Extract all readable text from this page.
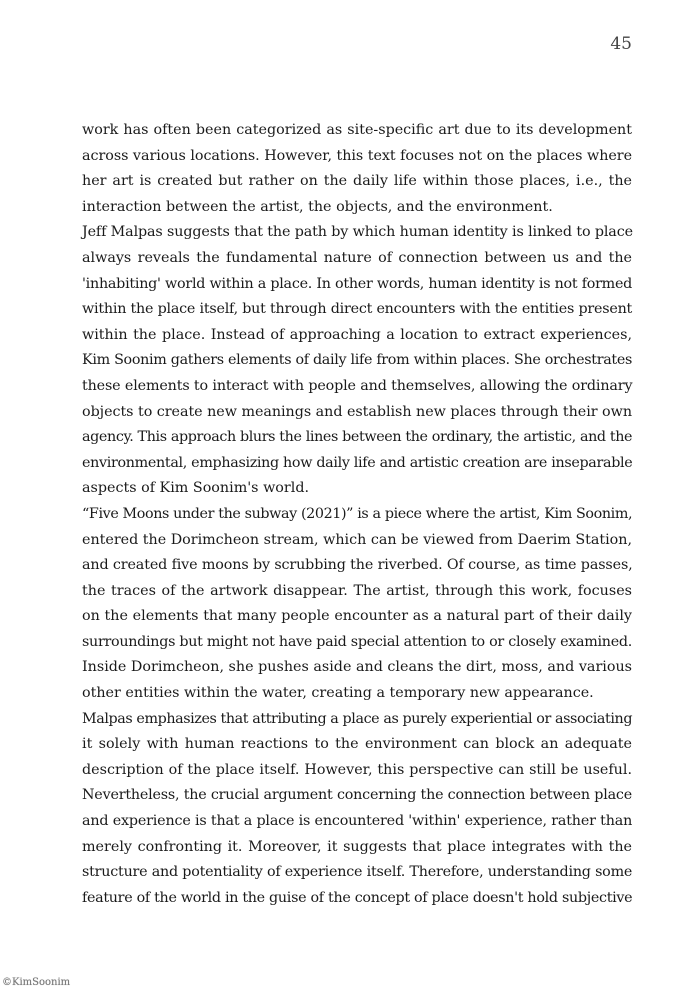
45
work has often been categorized as site-specific art due to its development
across various locations. However, this text focuses not on the places where
her art is created but rather on the daily life within those places, i.e., the
interaction between the artist, the objects, and the environment.
Jeff Malpas suggests that the path by which human identity is linked to place
always reveals the fundamental nature of connection between us and the
'inhabiting' world within a place. In other words, human identity is not formed
within the place itself, but through direct encounters with the entities present
within the place. Instead of approaching a location to extract experiences,
Kim Soonim gathers elements of daily life from within places. She orchestrates
these elements to interact with people and themselves, allowing the ordinary
objects to create new meanings and establish new places through their own
agency. This approach blurs the lines between the ordinary, the artistic, and the
environmental, emphasizing how daily life and artistic creation are inseparable
aspects of Kim Soonim's world.
“Five Moons under the subway (2021)” is a piece where the artist, Kim Soonim,
entered the Dorimcheon stream, which can be viewed from Daerim Station,
and created five moons by scrubbing the riverbed. Of course, as time passes,
the traces of the artwork disappear. The artist, through this work, focuses
on the elements that many people encounter as a natural part of their daily
surroundings but might not have paid special attention to or closely examined.
Inside Dorimcheon, she pushes aside and cleans the dirt, moss, and various
other entities within the water, creating a temporary new appearance.
Malpas emphasizes that attributing a place as purely experiential or associating
it solely with human reactions to the environment can block an adequate
description of the place itself. However, this perspective can still be useful.
Nevertheless, the crucial argument concerning the connection between place
and experience is that a place is encountered 'within' experience, rather than
merely confronting it. Moreover, it suggests that place integrates with the
structure and potentiality of experience itself. Therefore, understanding some
feature of the world in the guise of the concept of place doesn't hold subjective
©KimSoonim
